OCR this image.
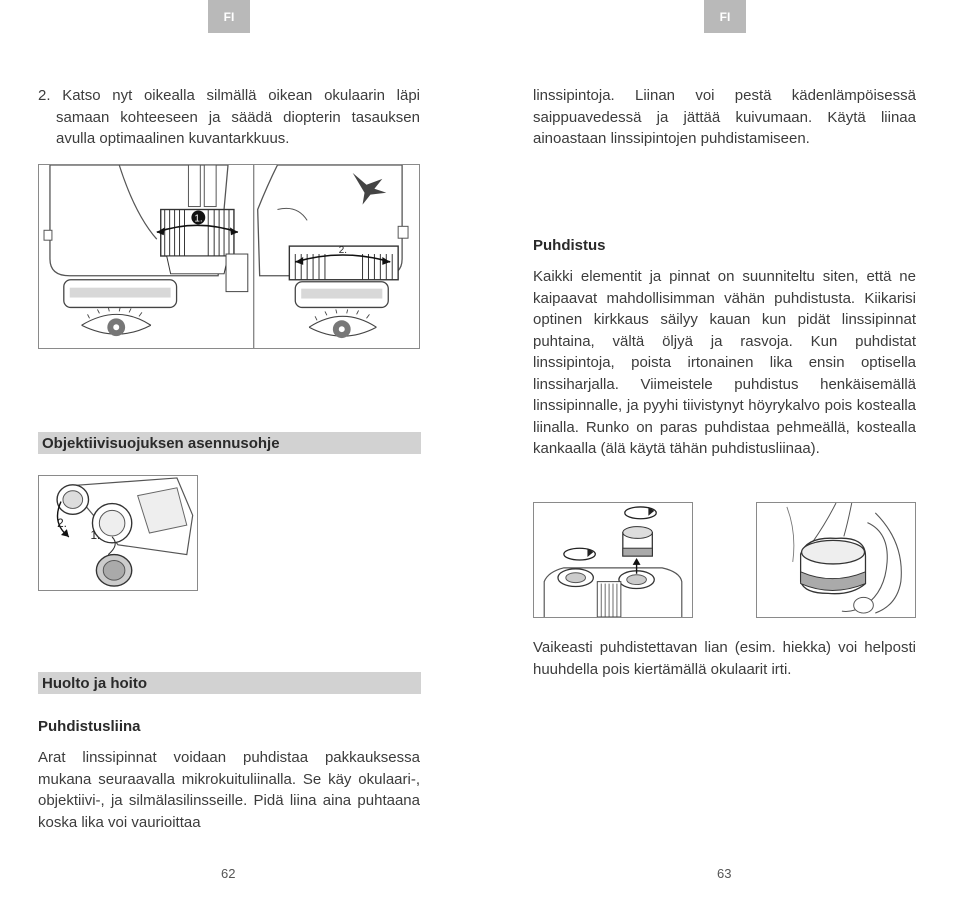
FI

2. Katso nyt oikealla silmällä oikean okulaarin läpi samaan kohteeseen ja säädä diopterin tasauksen avulla optimaalinen kuvantarkkuus.

1.
2.
Objektiivisuojuksen asennusohje
2.
1.
Huolto ja hoito

Puhdistusliina

Arat linssipinnat voidaan puhdistaa pakkauksessa mukana seuraavalla mikrokuituliinalla. Se käy okulaari-, objektiivi-, ja silmälasilinsseille. Pidä liina aina puhtaana koska lika voi vaurioittaa

62
FI

linssipintoja. Liinan voi pestä kädenlämpöisessä saippuavedessä ja jättää kuivumaan. Käytä liinaa ainoastaan linssipintojen puhdistamiseen.

Puhdistus

Kaikki elementit ja pinnat on suunniteltu siten, että ne kaipaavat mahdollisimman vähän puhdistusta. Kiikarisi optinen kirkkaus säilyy kauan kun pidät linssipinnat puhtaina, vältä öljyä ja rasvoja. Kun puhdistat linssipintoja, poista irtonainen lika ensin optisella linssiharjalla. Viimeistele puhdistus henkäisemällä linssipinnalle, ja pyyhi tiivistynyt höyrykalvo pois kostealla liinalla. Runko on paras puhdistaa pehmeällä, kostealla kankaalla (älä käytä tähän puhdistusliinaa).

Vaikeasti puhdistettavan lian (esim. hiekka) voi helposti huuhdella pois kiertämällä okulaarit irti.

63
